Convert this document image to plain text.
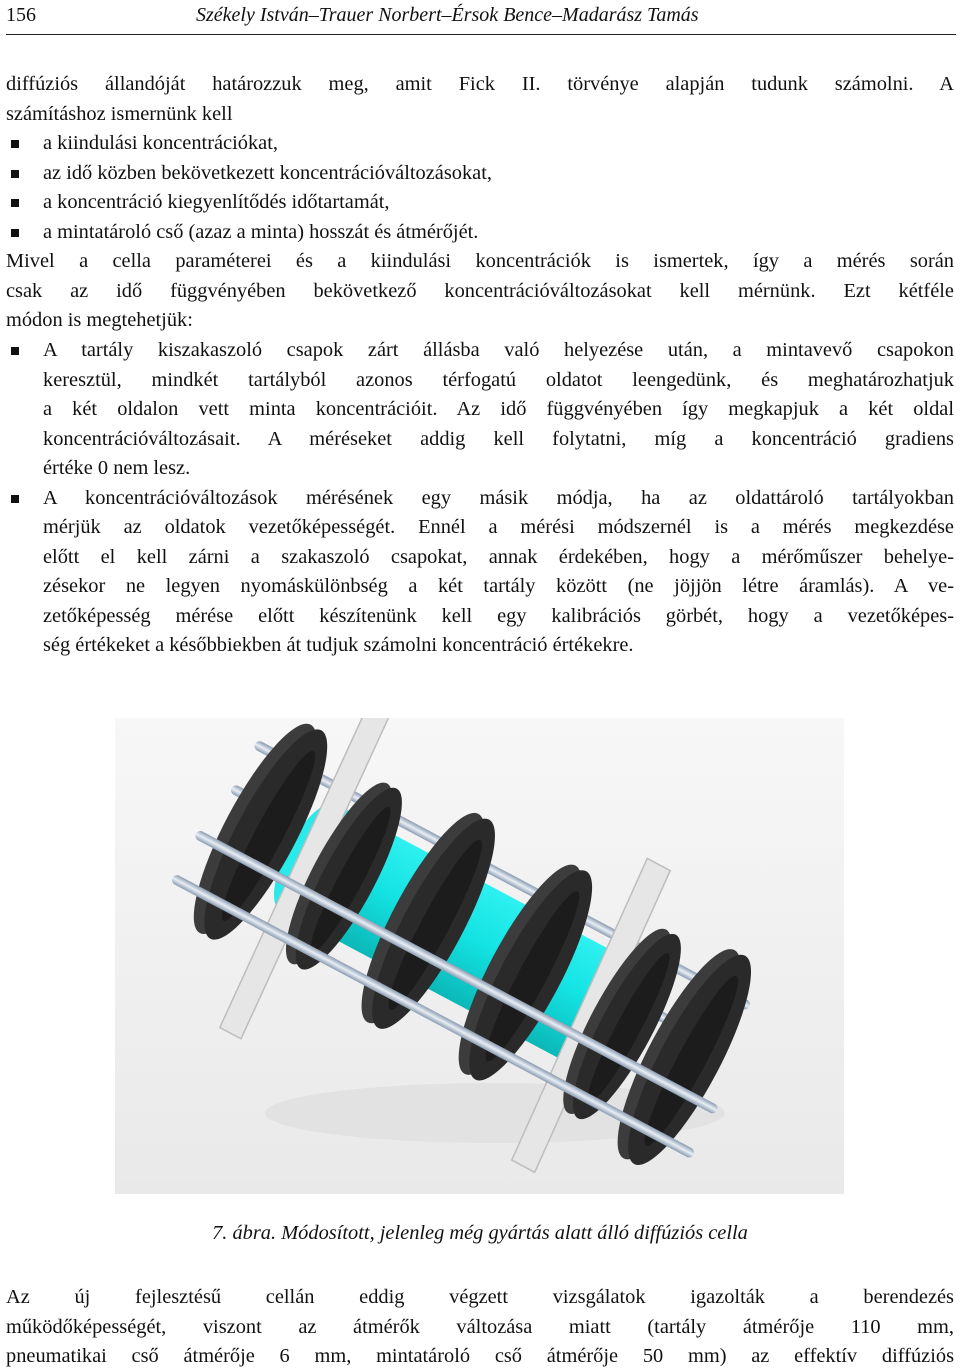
156	Székely István–Trauer Norbert–Érsok Bence–Madarász Tamás
diffúziós állandóját határozzuk meg, amit Fick II. törvénye alapján tudunk számolni. A
számításhoz ismernünk kell
a kiindulási koncentrációkat,
az idő közben bekövetkezett koncentrációváltozásokat,
a koncentráció kiegyenlítődés időtartamát,
a mintatároló cső (azaz a minta) hosszát és átmérőjét.
Mivel a cella paraméterei és a kiindulási koncentrációk is ismertek, így a mérés során
csak az idő függvényében bekövetkező koncentrációváltozásokat kell mérnünk. Ezt kétféle
módon is megtehetjük:
A tartály kiszakaszoló csapok zárt állásba való helyezése után, a mintavevő csapokon
keresztül, mindkét tartályból azonos térfogatú oldatot leengedünk, és meghatározhatjuk
a két oldalon vett minta koncentrációit. Az idő függvényében így megkapjuk a két oldal
koncentrációváltozásait. A méréseket addig kell folytatni, míg a koncentráció gradiens
értéke 0 nem lesz.
A koncentrációváltozások mérésének egy másik módja, ha az oldattároló tartályokban
mérjük az oldatok vezetőképességét. Ennél a mérési módszernél is a mérés megkezdése
előtt el kell zárni a szakaszoló csapokat, annak érdekében, hogy a mérőműszer behelye-
zésekor ne legyen nyomáskülönbség a két tartály között (ne jöjjön létre áramlás). A ve-
zetőképesség mérése előtt készítenünk kell egy kalibrációs görbét, hogy a vezetőképes-
ség értékeket a későbbiekben át tudjuk számolni koncentráció értékekre.
7. ábra. Módosított, jelenleg még gyártás alatt álló diffúziós cella
Az új fejlesztésű cellán eddig végzett vizsgálatok igazolták a berendezés
működőképességét, viszont az átmérők változása miatt (tartály átmérője 110 mm,
pneumatikai cső átmérője 6 mm, mintatároló cső átmérője 50 mm) az effektív diffúziós
